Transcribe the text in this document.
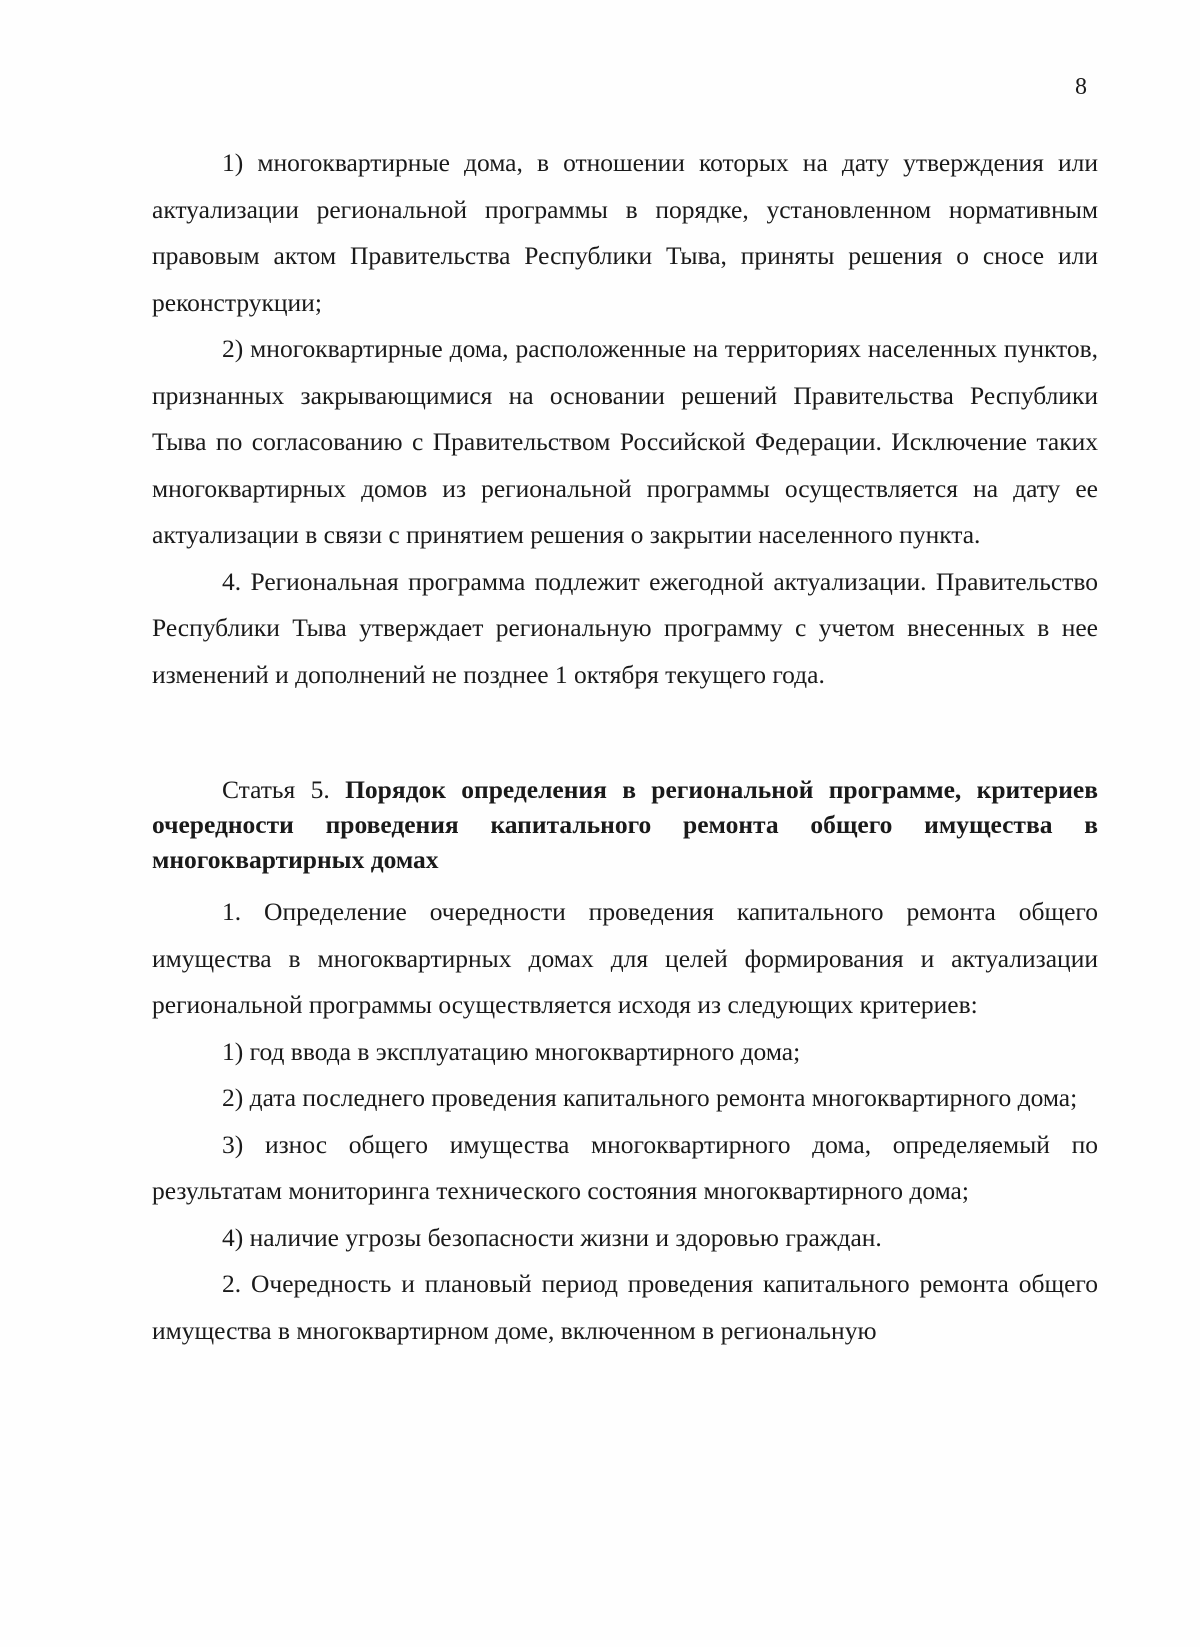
8

1) многоквартирные дома, в отношении которых на дату утверждения или актуализации региональной программы в порядке, установленном нормативным правовым актом Правительства Республики Тыва, приняты решения о сносе или реконструкции;

2) многоквартирные дома, расположенные на территориях населенных пунктов, признанных закрывающимися на основании решений Правительства Республики Тыва по согласованию с Правительством Российской Федерации. Исключение таких многоквартирных домов из региональной программы осуществляется на дату ее актуализации в связи с принятием решения о закрытии населенного пункта.

4. Региональная программа подлежит ежегодной актуализации. Правительство Республики Тыва утверждает региональную программу с учетом внесенных в нее изменений и дополнений не позднее 1 октября текущего года.

Статья 5. Порядок определения в региональной программе, критериев очередности проведения капитального ремонта общего имущества в многоквартирных домах

1. Определение очередности проведения капитального ремонта общего имущества в многоквартирных домах для целей формирования и актуализации региональной программы осуществляется исходя из следующих критериев:

1) год ввода в эксплуатацию многоквартирного дома;

2) дата последнего проведения капитального ремонта многоквартирного дома;

3) износ общего имущества многоквартирного дома, определяемый по результатам мониторинга технического состояния многоквартирного дома;

4) наличие угрозы безопасности жизни и здоровью граждан.

2. Очередность и плановый период проведения капитального ремонта общего имущества в многоквартирном доме, включенном в региональную
